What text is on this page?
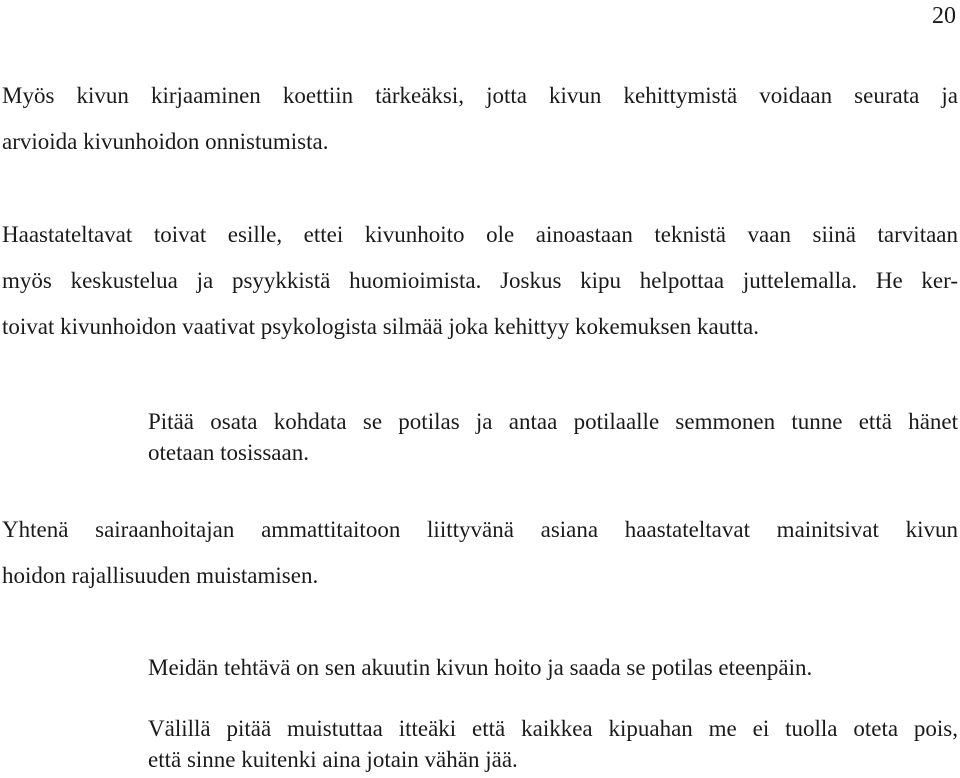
20
Myös kivun kirjaaminen koettiin tärkeäksi, jotta kivun kehittymistä voidaan seurata ja
arvioida kivunhoidon onnistumista.
Haastateltavat toivat esille, ettei kivunhoito ole ainoastaan teknistä vaan siinä tarvitaan
myös keskustelua ja psyykkistä huomioimista. Joskus kipu helpottaa juttelemalla. He ker-
toivat kivunhoidon vaativat psykologista silmää joka kehittyy kokemuksen kautta.
Pitää osata kohdata se potilas ja antaa potilaalle semmonen tunne että hänet
otetaan tosissaan.
Yhtenä sairaanhoitajan ammattitaitoon liittyvänä asiana haastateltavat mainitsivat kivun
hoidon rajallisuuden muistamisen.
Meidän tehtävä on sen akuutin kivun hoito ja saada se potilas eteenpäin.
Välillä pitää muistuttaa itteäki että kaikkea kipuahan me ei tuolla oteta pois,
että sinne kuitenki aina jotain vähän jää.
